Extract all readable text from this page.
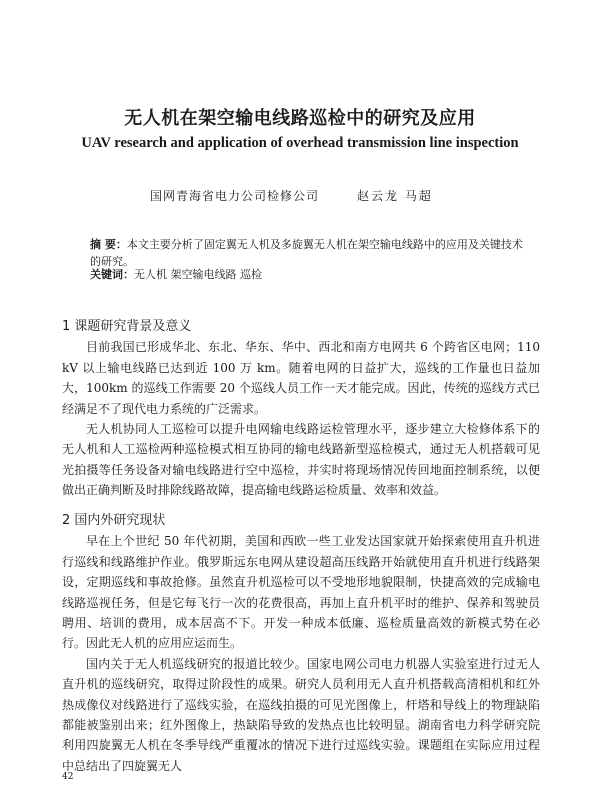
无人机在架空输电线路巡检中的研究及应用
UAV research and application of overhead transmission line inspection
国网青海省电力公司检修公司	赵云龙 马超
摘 要：本文主要分析了固定翼无人机及多旋翼无人机在架空输电线路中的应用及关键技术的研究。
关键词：无人机 架空输电线路 巡检

1 课题研究背景及意义

目前我国已形成华北、东北、华东、华中、西北和南方电网共 6 个跨省区电网；110 kV 以上输电线路已达到近 100 万 km。随着电网的日益扩大，巡线的工作量也日益加大，100km 的巡线工作需要 20 个巡线人员工作一天才能完成。因此，传统的巡线方式已经满足不了现代电力系统的广泛需求。

无人机协同人工巡检可以提升电网输电线路运检管理水平，逐步建立大检修体系下的无人机和人工巡检两种巡检模式相互协同的输电线路新型巡检模式，通过无人机搭载可见光拍摄等任务设备对输电线路进行空中巡检，并实时将现场情况传回地面控制系统，以便做出正确判断及时排除线路故障，提高输电线路运检质量、效率和效益。

2 国内外研究现状

早在上个世纪 50 年代初期，美国和西欧一些工业发达国家就开始探索使用直升机进行巡线和线路维护作业。俄罗斯远东电网从建设超高压线路开始就使用直升机进行线路架设，定期巡线和事故抢修。虽然直升机巡检可以不受地形地貌限制，快捷高效的完成输电线路巡视任务，但是它每飞行一次的花费很高，再加上直升机平时的维护、保养和驾驶员聘用、培训的费用，成本居高不下。开发一种成本低廉、巡检质量高效的新模式势在必行。因此无人机的应用应运而生。

国内关于无人机巡线研究的报道比较少。国家电网公司电力机器人实验室进行过无人直升机的巡线研究，取得过阶段性的成果。研究人员利用无人直升机搭载高清相机和红外热成像仪对线路进行了巡线实验，在巡线拍摄的可见光图像上，杆塔和导线上的物理缺陷都能被鉴别出来；红外图像上，热缺陷导致的发热点也比较明显。湖南省电力科学研究院利用四旋翼无人机在冬季导线严重覆冰的情况下进行过巡线实验。课题组在实际应用过程中总结出了四旋翼无人

42
